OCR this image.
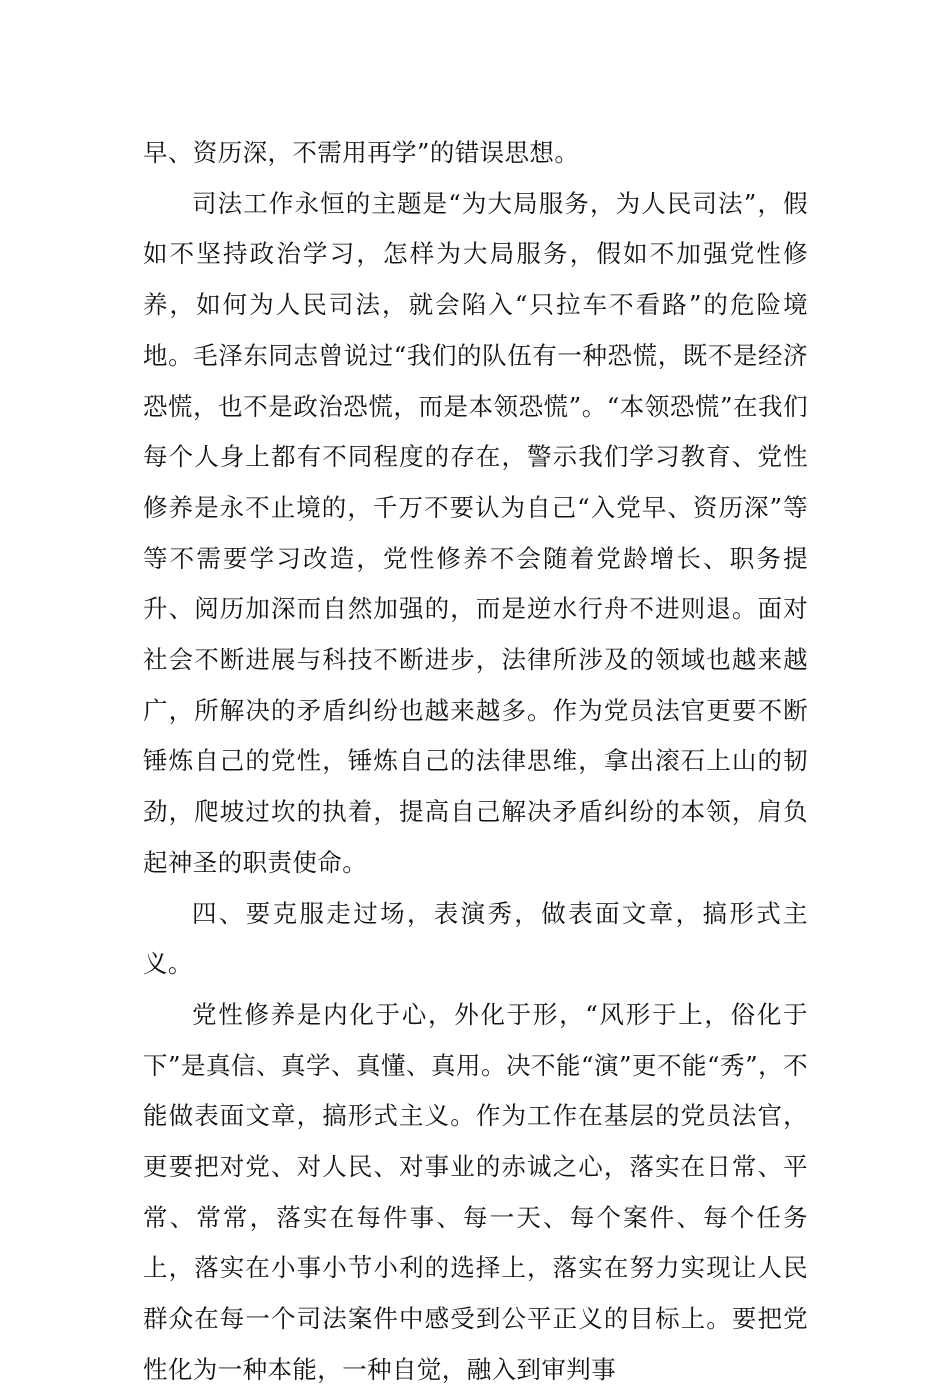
早、资历深，不需用再学”的错误思想。

司法工作永恒的主题是“为大局服务，为人民司法”，假如不坚持政治学习，怎样为大局服务，假如不加强党性修养，如何为人民司法，就会陷入“只拉车不看路”的危险境地。毛泽东同志曾说过“我们的队伍有一种恐慌，既不是经济恐慌，也不是政治恐慌，而是本领恐慌”。“本领恐慌”在我们每个人身上都有不同程度的存在，警示我们学习教育、党性修养是永不止境的，千万不要认为自己“入党早、资历深”等等不需要学习改造，党性修养不会随着党龄增长、职务提升、阅历加深而自然加强的，而是逆水行舟不进则退。面对社会不断进展与科技不断进步，法律所涉及的领域也越来越广，所解决的矛盾纠纷也越来越多。作为党员法官更要不断锤炼自己的党性，锤炼自己的法律思维，拿出滚石上山的韧劲，爬坡过坎的执着，提高自己解决矛盾纠纷的本领，肩负起神圣的职责使命。

四、要克服走过场，表演秀，做表面文章，搞形式主义。

党性修养是内化于心，外化于形，“风形于上，俗化于下”是真信、真学、真懂、真用。决不能“演”更不能“秀”，不能做表面文章，搞形式主义。作为工作在基层的党员法官，更要把对党、对人民、对事业的赤诚之心，落实在日常、平常、常常，落实在每件事、每一天、每个案件、每个任务上，落实在小事小节小利的选择上，落实在努力实现让人民群众在每一个司法案件中感受到公平正义的目标上。要把党性化为一种本能，一种自觉，融入到审判事
